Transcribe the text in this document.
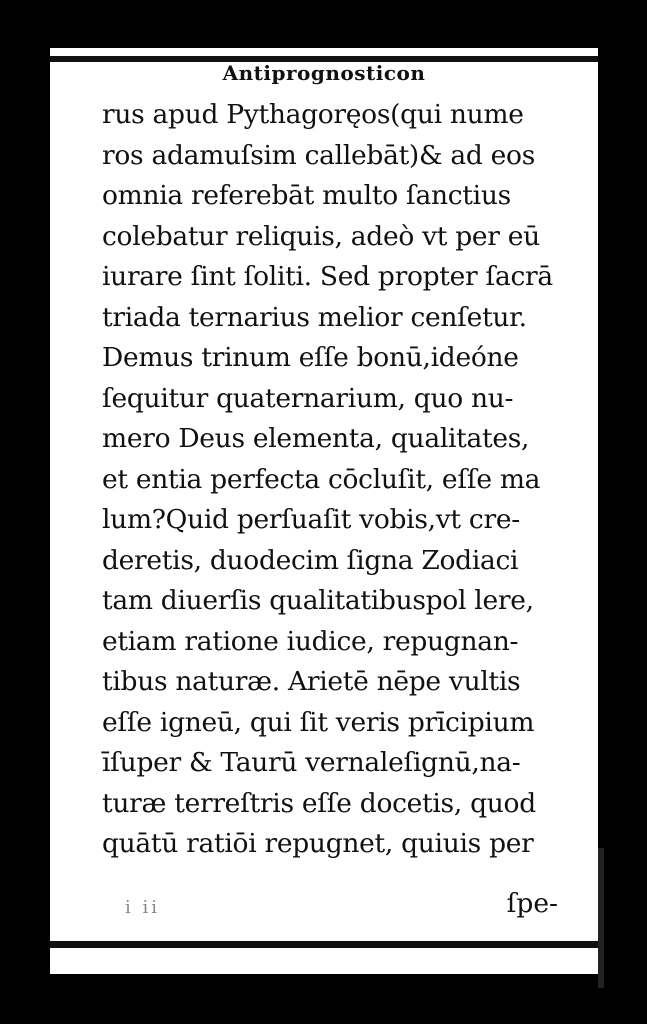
Antiprognosticon
rus apud Pythagoręos(qui nume
ros adamuſsim callebāt)& ad eos
omnia referebāt multo ſanctius
colebatur reliquis, adeò vt per eū
iurare ſint ſoliti. Sed propter ſacrā
triada ternarius melior cenſetur.
Demus trinum eſſe bonū,ideóne
ſequitur quaternarium, quo nu-
mero Deus elementa, qualitates,
et entia perfecta cōcluſit, eſſe ma
lum?Quid perſuaſit vobis,vt cre-
deretis, duodecim ſigna Zodiaci
tam diuerſis qualitatibuspol lere,
etiam ratione iudice, repugnan-
tibus naturæ. Arietē nēpe vultis
eſſe igneū, qui ſit veris prīcipium
īſuper & Taurū vernaleſignū,na-
turæ terreſtris eſſe docetis, quod
quātū ratiōi repugnet, quiuis per
i ii	ſpe-
